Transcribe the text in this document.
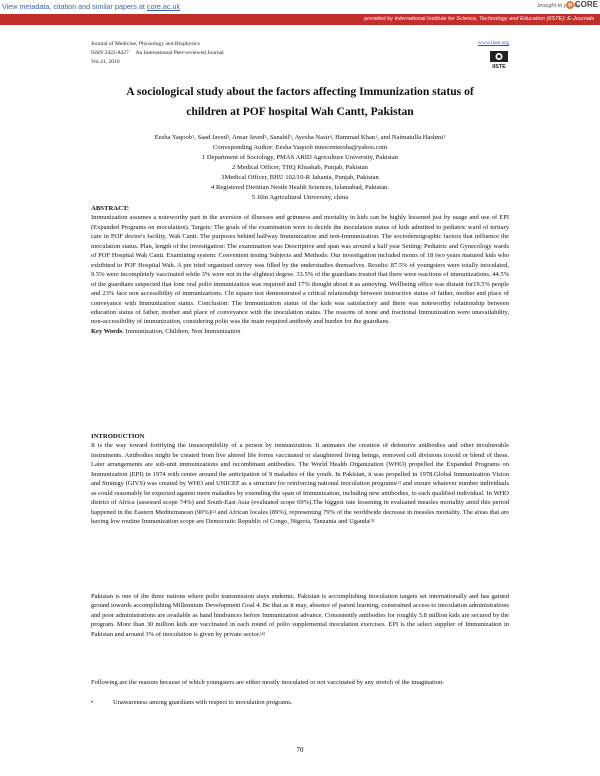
View metadata, citation and similar papers at core.ac.uk	brought to you by
CORE
provided by International Institute for Science, Technology and Education (IISTE): E-Journals
Journal of Medicine, Physiology and Biophysics
ISSN 2422-8427     An International Peer-reviewed Journal
Vol.41, 2018
www.iiste.org
IISTE
A sociological study about the factors affecting Immunization status of
children at POF hospital Wah Cantt, Pakistan
Eesha Yaqoob$^1$, Saad Javed$^2$, Ansar Javed$^3$, Sanabil$^5$, Ayesha Nasir$^4$, Hammad Khan$^1$, and Naimatulla Hashmi$^1$
Corresponding Author: Eesha Yaqoob innocenteesha@yahoo.com
1 Department of Sociology, PMAS ARID Agriculture University, Pakistan
2 Medical Officer, THQ Khushab, Punjab, Pakistan
3Medical Officer, BHU 102/10-R Jahania, Punjab, Pakistan
4 Registered Dietitian Nestle Health Sciences, Islamabad, Pakistan.
5 Jilin Agricultural University, china
ABSTRACT:
Immunization assumes a noteworthy part in the aversion of illnesses and grimness and mortality in kids can be highly lessened just by usage and use of EPI (Expanded Programs on inoculation). Targets: The goals of the examination were to decide the inoculation status of kids admitted to pediatric ward of tertiary care in POF doctor's facility, Wah Cantt. The purposes behind halfway Immunization and non-Immunization. The sociodemographic factors that influence the inoculation status. Plan, length of the investigation: The examination was Descriptive and span was around a half year Setting: Pediatric and Gynecology wards of POF Hospital Wah Cantt. Examining system: Convenient testing Subjects and Methods: Our investigation included moms of 18 two years matured kids who exhibited to POF Hospital Wah. A pre tried organized survey was filled by the understudies themselves. Results: 87.5% of youngsters were totally inoculated, 9.5% were incompletely vaccinated while 3% were not in the slightest degree. 33.5% of the guardians trusted that there were reactions of immunizations. 44.5% of the guardians suspected that lone oral polio immunization was required and 17% thought about it as annoying. Wellbeing office was distant for19.5% people and 23% face non accessibility of immunizations. Chi square test demonstrated a critical relationship between instructive status of father, mother and place of conveyance with Immunization status. Conclusion: The Immunization status of the kids was satisfactory and there was noteworthy relationship between education status of father, mother and place of conveyance with the inoculation status. The reasons of none and fractional Immunization were unavailability, non-accessibility of immunization, considering polio was the main required antibody and burden for the guardians.
Key Words: Immunization, Children, Non Immunization
INTRODUCTION
It is the way toward fortifying the insusceptibility of a person by immunization. It animates the creation of defensive antibodies and other invulnerable instruments. Antibodies might be created from live altered life forms vaccinated or slaughtered living beings, removed cell divisions toxoid or blend of these. Later arrangements are sub-unit immunizations and recombinant antibodies. The World Health Organization (WHO) propelled the Expanded Programs on Immunization (EPI) in 1974 with center around the anticipation of 9 maladies of the youth. In Pakistan, it was propelled in 1978.Global Immunization Vision and Strategy (GIVS) was created by WHO and UNICEF as a structure for reinforcing national inoculation programs[1] and ensure whatever number individuals as could reasonably be expected against more maladies by extending the span of Immunization, including new antibodies, to each qualified individual. In WHO district of Africa (assessed scope 74%) and South-East Asia (evaluated scope 69%).The biggest rate lessening in evaluated measles mortality amid this period happened in the Eastern Mediterranean (90%)[2] and African locales (89%), representing 79% of the worldwide decrease in measles mortality. The areas that are having low routine Immunization scope are Democratic Republic of Congo, Nigeria, Tanzania and Uganda[3]
Pakistan is one of the three nations where polio transmission stays endemic. Pakistan is accomplishing inoculation targets set internationally and has gained ground towards accomplishing Millennium Development Goal 4. Be that as it may, absence of parent learning, constrained access to inoculation administrations and poor administrations are available as hand hindrances before Immunization advance. Consistently antibodies for roughly 5.8 million kids are secured by the program. More than 30 million kids are vaccinated in each round of polio supplemental inoculation exercises. EPI is the select supplier of Immunization in Pakistan and around 3% of inoculation is given by private sector.[4]
Following are the reasons because of which youngsters are either mostly inoculated or not vaccinated by any stretch of the imagination:
•	Unawareness among guardians with respect to inoculation programs.
70
